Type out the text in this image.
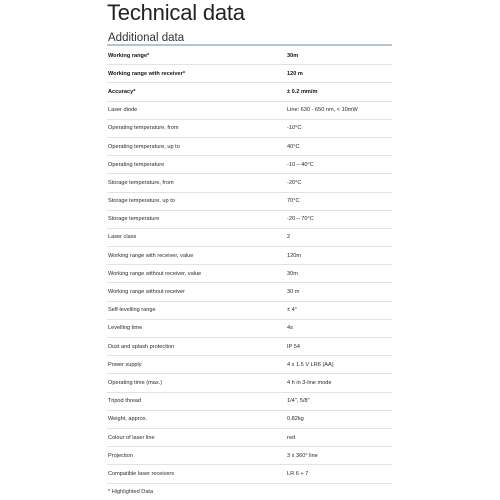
Technical data
Additional data
Working range*	30m
Working range with receiver*	120 m
Accuracy*	± 0.2 mm/m
Laser diode	Line: 630 - 650 nm, < 10mW
Operating temperature, from	-10°C
Operating temperature, up to	40°C
Operating temperature	-10 – 40°C
Storage temperature, from	-20°C
Storage temperature, up to	70°C
Storage temperature	-20 – 70°C
Laser class	2
Working range with receiver, value	120m
Working range without receiver, value	30m
Working range without receiver	30 m
Self-levelling range	± 4°
Levelling time	4s
Dust and splash protection	IP 54
Power supply	4 x 1.5 V LR6 (AA)
Operating time (max.)	4 h in 3-line mode
Tripod thread	1/4", 5/8"
Weight, approx.	0.82kg
Colour of laser line	red
Projection	3 x 360° line
Compatible laser receivers	LR 6 + 7

* Highlighted Data
